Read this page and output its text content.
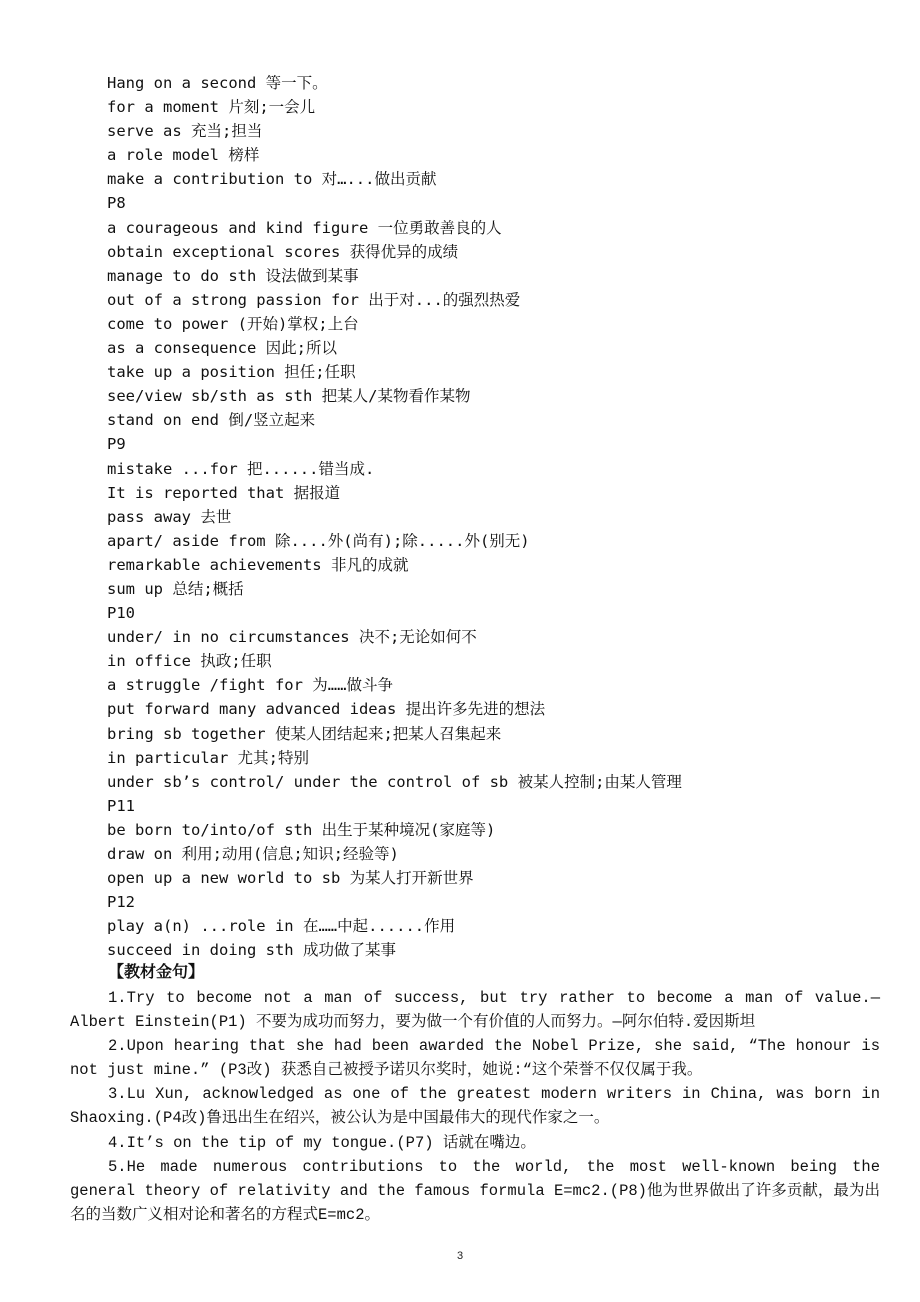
Hang on a second 等一下。
for a moment 片刻;一会儿
serve as 充当;担当
a role model 榜样
make a contribution to 对…...做出贡献
P8
a courageous and kind figure 一位勇敢善良的人
obtain exceptional scores 获得优异的成绩
manage to do sth 设法做到某事
out of a strong passion for 出于对...的强烈热爱
come to power (开始)掌权;上台
as a consequence 因此;所以
take up a position 担任;任职
see/view sb/sth as sth 把某人/某物看作某物
stand on end 倒/竖立起来
P9
mistake ...for 把......错当成.
It is reported that 据报道
pass away 去世
apart/ aside from 除....外(尚有);除.....外(别无)
remarkable achievements 非凡的成就
sum up 总结;概括
P10
under/ in no circumstances 决不;无论如何不
in office 执政;任职
a struggle /fight for 为……做斗争
put forward many advanced ideas 提出许多先进的想法
bring sb together 使某人团结起来;把某人召集起来
in particular 尤其;特别
under sb’s control/ under the control of sb 被某人控制;由某人管理
P11
be born to/into/of sth 出生于某种境况(家庭等)
draw on 利用;动用(信息;知识;经验等)
open up a new world to sb 为某人打开新世界
P12
play a(n) ...role in 在……中起......作用
succeed in doing sth 成功做了某事
【教材金句】

1.Try to become not a man of success, but try rather to become a man of value.—Albert Einstein(P1) 不要为成功而努力，要为做一个有价值的人而努力。—阿尔伯特.爱因斯坦

2.Upon hearing that she had been awarded the Nobel Prize, she said, “The honour is not just mine.” (P3改) 获悉自己被授予诺贝尔奖时，她说:“这个荣誉不仅仅属于我。

3.Lu Xun, acknowledged as one of the greatest modern writers in China, was born in Shaoxing.(P4改)鲁迅出生在绍兴，被公认为是中国最伟大的现代作家之一。

4.It’s on the tip of my tongue.(P7) 话就在嘴边。

5.He made numerous contributions to the world, the most well-known being the general theory of relativity and the famous formula E=mc2.(P8)他为世界做出了许多贡献，最为出名的当数广义相对论和著名的方程式E=mc2。

3
